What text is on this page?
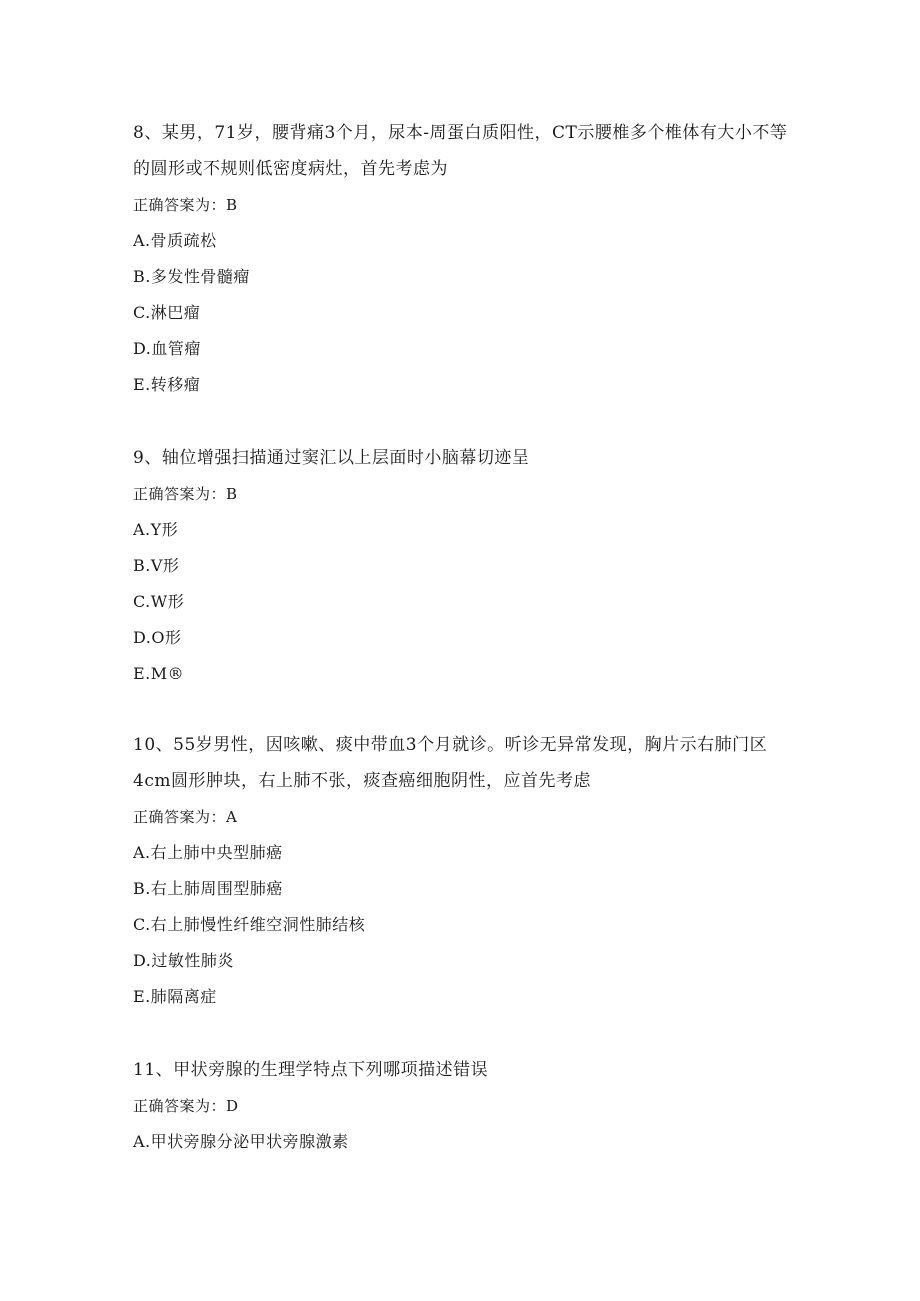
8、某男，71岁，腰背痛3个月，尿本-周蛋白质阳性，CT示腰椎多个椎体有大小不等的圆形或不规则低密度病灶，首先考虑为

正确答案为：B

A.骨质疏松

B.多发性骨髓瘤

C.淋巴瘤

D.血管瘤

E.转移瘤

9、轴位增强扫描通过窦汇以上层面时小脑幕切迹呈

正确答案为：B

A.Y形

B.V形

C.W形

D.O形

E.M®

10、55岁男性，因咳嗽、痰中带血3个月就诊。听诊无异常发现，胸片示右肺门区4cm圆形肿块，右上肺不张，痰查癌细胞阴性，应首先考虑

正确答案为：A

A.右上肺中央型肺癌

B.右上肺周围型肺癌

C.右上肺慢性纤维空洞性肺结核

D.过敏性肺炎

E.肺隔离症

11、甲状旁腺的生理学特点下列哪项描述错误

正确答案为：D

A.甲状旁腺分泌甲状旁腺激素
